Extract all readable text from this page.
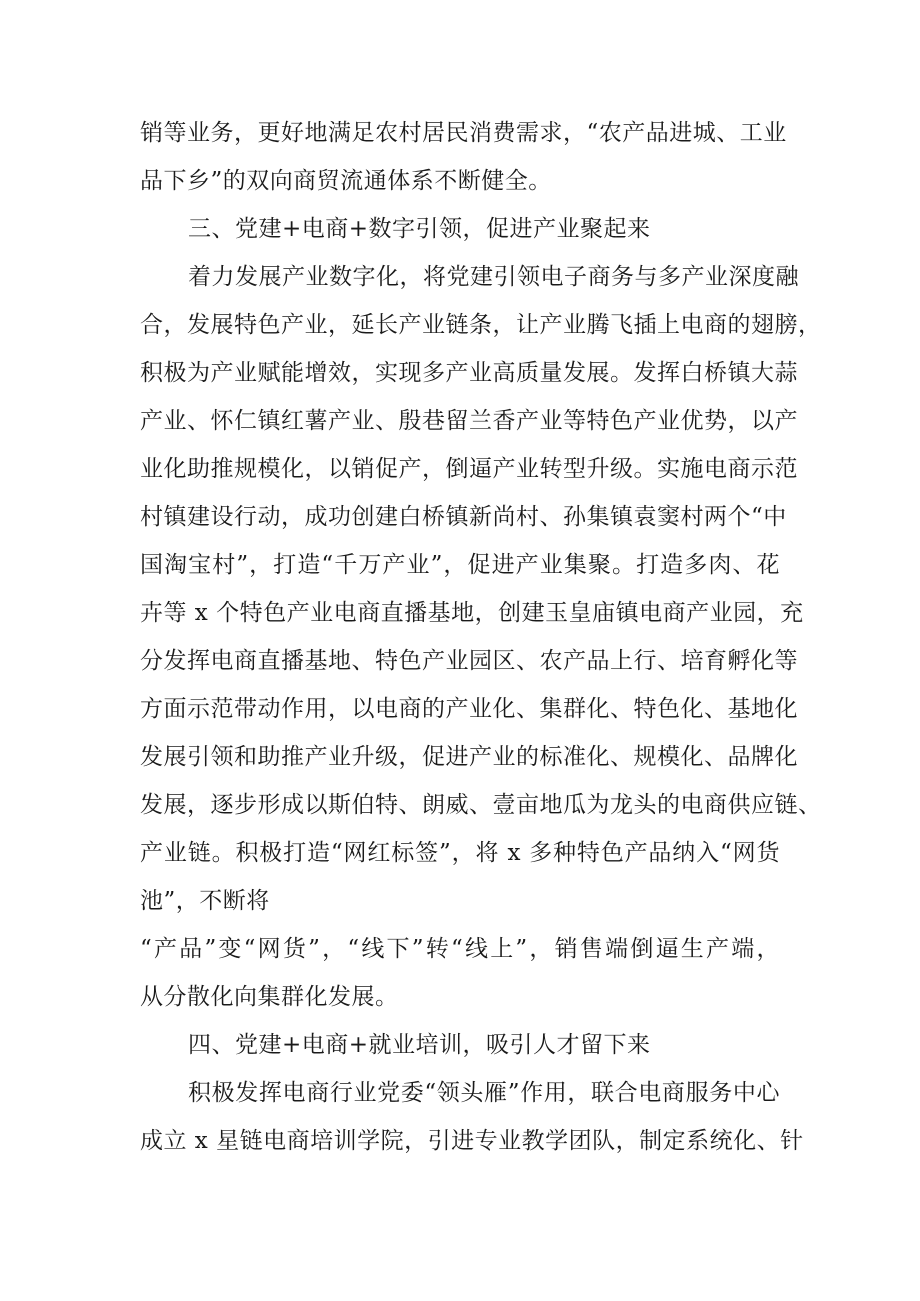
销等业务，更好地满足农村居民消费需求，“农产品进城、工业
品下乡”的双向商贸流通体系不断健全。
三、党建+电商+数字引领，促进产业聚起来
着力发展产业数字化，将党建引领电子商务与多产业深度融
合，发展特色产业，延长产业链条，让产业腾飞插上电商的翅膀，
积极为产业赋能增效，实现多产业高质量发展。发挥白桥镇大蒜
产业、怀仁镇红薯产业、殷巷留兰香产业等特色产业优势，以产
业化助推规模化，以销促产，倒逼产业转型升级。实施电商示范
村镇建设行动，成功创建白桥镇新尚村、孙集镇袁窦村两个“中
国淘宝村”，打造“千万产业”，促进产业集聚。打造多肉、花
卉等 x 个特色产业电商直播基地，创建玉皇庙镇电商产业园，充
分发挥电商直播基地、特色产业园区、农产品上行、培育孵化等
方面示范带动作用，以电商的产业化、集群化、特色化、基地化
发展引领和助推产业升级，促进产业的标准化、规模化、品牌化
发展，逐步形成以斯伯特、朗威、壹亩地瓜为龙头的电商供应链、
产业链。积极打造“网红标签”，将 x 多种特色产品纳入“网货
池”，不断将
“产品”变“网货”，“线下”转“线上”，销售端倒逼生产端，
从分散化向集群化发展。
四、党建+电商+就业培训，吸引人才留下来
积极发挥电商行业党委“领头雁”作用，联合电商服务中心
成立 x 星链电商培训学院，引进专业教学团队，制定系统化、针
